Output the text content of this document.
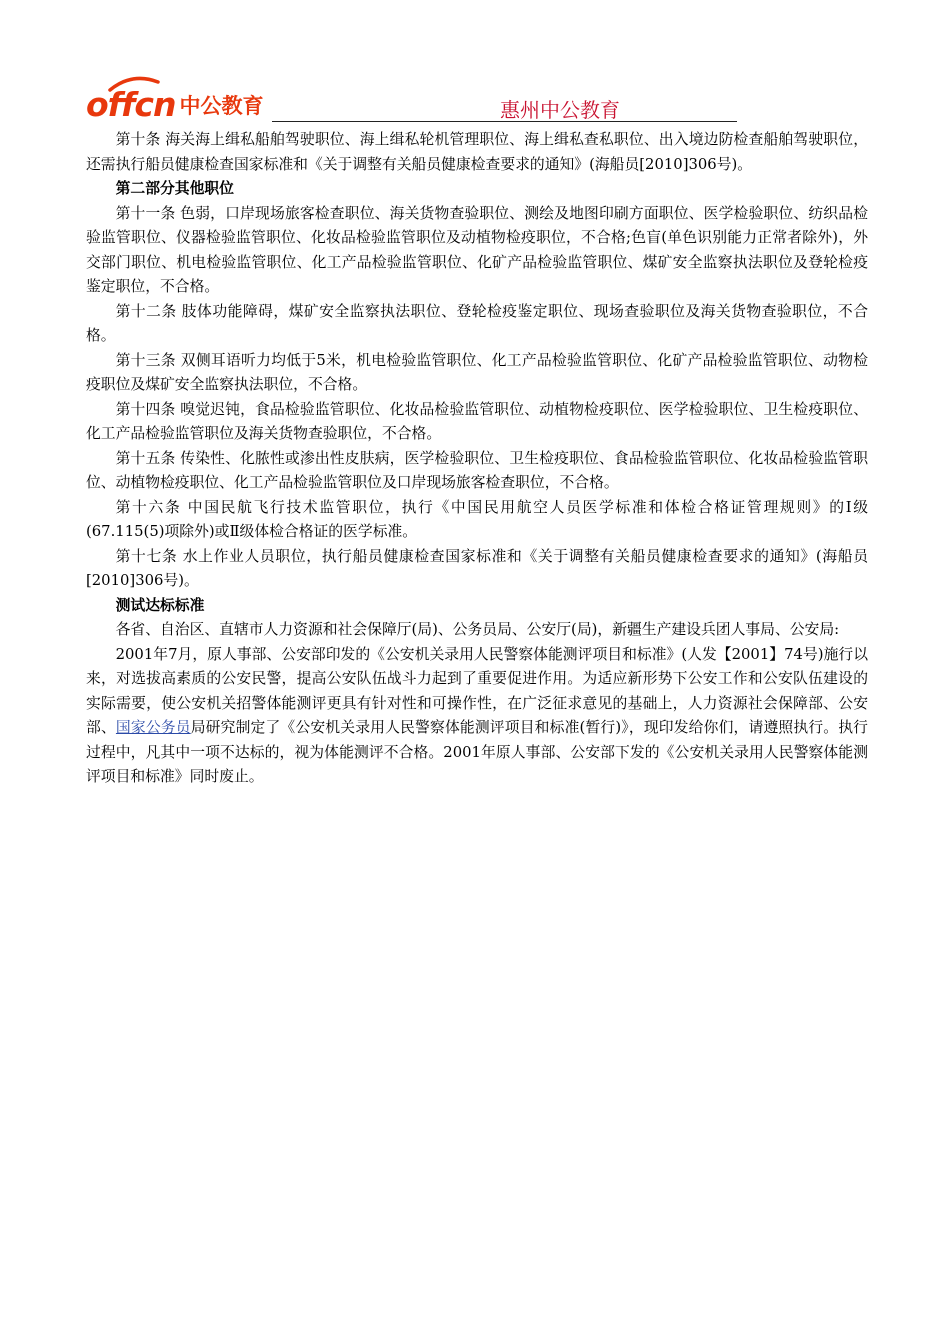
offcn 中公教育	惠州中公教育

第十条 海关海上缉私船舶驾驶职位、海上缉私轮机管理职位、海上缉私查私职位、出入境边防检查船舶驾驶职位，还需执行船员健康检查国家标准和《关于调整有关船员健康检查要求的通知》(海船员[2010]306号)。

第二部分其他职位

第十一条 色弱，口岸现场旅客检查职位、海关货物查验职位、测绘及地图印刷方面职位、医学检验职位、纺织品检验监管职位、仪器检验监管职位、化妆品检验监管职位及动植物检疫职位，不合格;色盲(单色识别能力正常者除外)，外交部门职位、机电检验监管职位、化工产品检验监管职位、化矿产品检验监管职位、煤矿安全监察执法职位及登轮检疫鉴定职位，不合格。

第十二条 肢体功能障碍，煤矿安全监察执法职位、登轮检疫鉴定职位、现场查验职位及海关货物查验职位，不合格。

第十三条 双侧耳语听力均低于5米，机电检验监管职位、化工产品检验监管职位、化矿产品检验监管职位、动物检疫职位及煤矿安全监察执法职位，不合格。

第十四条 嗅觉迟钝，食品检验监管职位、化妆品检验监管职位、动植物检疫职位、医学检验职位、卫生检疫职位、化工产品检验监管职位及海关货物查验职位，不合格。

第十五条 传染性、化脓性或渗出性皮肤病，医学检验职位、卫生检疫职位、食品检验监管职位、化妆品检验监管职位、动植物检疫职位、化工产品检验监管职位及口岸现场旅客检查职位，不合格。

第十六条 中国民航飞行技术监管职位，执行《中国民用航空人员医学标准和体检合格证管理规则》的Ⅰ级(67.115(5)项除外)或Ⅱ级体检合格证的医学标准。

第十七条 水上作业人员职位，执行船员健康检查国家标准和《关于调整有关船员健康检查要求的通知》(海船员[2010]306号)。

测试达标标准

各省、自治区、直辖市人力资源和社会保障厅(局)、公务员局、公安厅(局)，新疆生产建设兵团人事局、公安局:

2001年7月，原人事部、公安部印发的《公安机关录用人民警察体能测评项目和标准》(人发【2001】74号)施行以来，对选拔高素质的公安民警，提高公安队伍战斗力起到了重要促进作用。为适应新形势下公安工作和公安队伍建设的实际需要，使公安机关招警体能测评更具有针对性和可操作性，在广泛征求意见的基础上，人力资源社会保障部、公安部、国家公务员局研究制定了《公安机关录用人民警察体能测评项目和标准(暂行)》，现印发给你们，请遵照执行。执行过程中，凡其中一项不达标的，视为体能测评不合格。2001年原人事部、公安部下发的《公安机关录用人民警察体能测评项目和标准》同时废止。
